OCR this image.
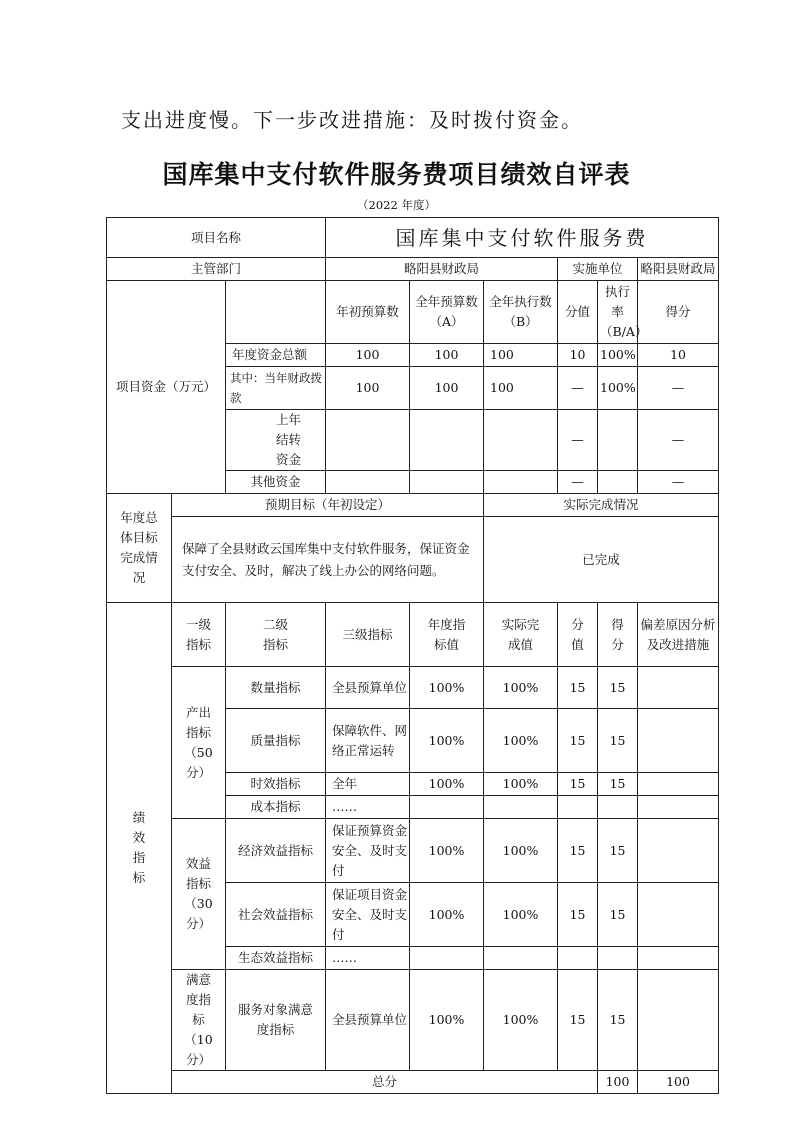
支出进度慢。下一步改进措施：及时拨付资金。
国库集中支付软件服务费项目绩效自评表
（2022 年度）
项目名称			国库集中支付软件服务费						
主管部门			略阳县财政局			实施单位		略阳县财政局	
项目资金（万元）			年初预算数	全年预算数（A）	全年执行数（B）	分值	执行率（B/A）	得分	
		年度资金总额	100	100	100	10	100%	10	
		其中：当年财政拨款	100	100	100	—	100%	—	
		上年结转资金				—		—	
		其他资金				—		—	
年度总体目标完成情况	预期目标（年初设定）				实际完成情况				
	保障了全县财政云国库集中支付软件服务，保证资金支付安全、及时，解决了线上办公的网络问题。				已完成				
绩效指标	一级指标	二级指标	三级指标	年度指标值	实际完成值	分值	得分	偏差原因分析及改进措施	
	产出指标（50分）	数量指标	全县预算单位	100%	100%	15	15		
		质量指标	保障软件、网络正常运转	100%	100%	15	15		
		时效指标	全年	100%	100%	15	15		
		成本指标	……						
	效益指标（30分）	经济效益指标	保证预算资金安全、及时支付	100%	100%	15	15		
		社会效益指标	保证项目资金安全、及时支付	100%	100%	15	15		
		生态效益指标	……						
	满意度指标（10分）	服务对象满意度指标	全县预算单位	100%	100%	15	15		
	总分						100	100	
